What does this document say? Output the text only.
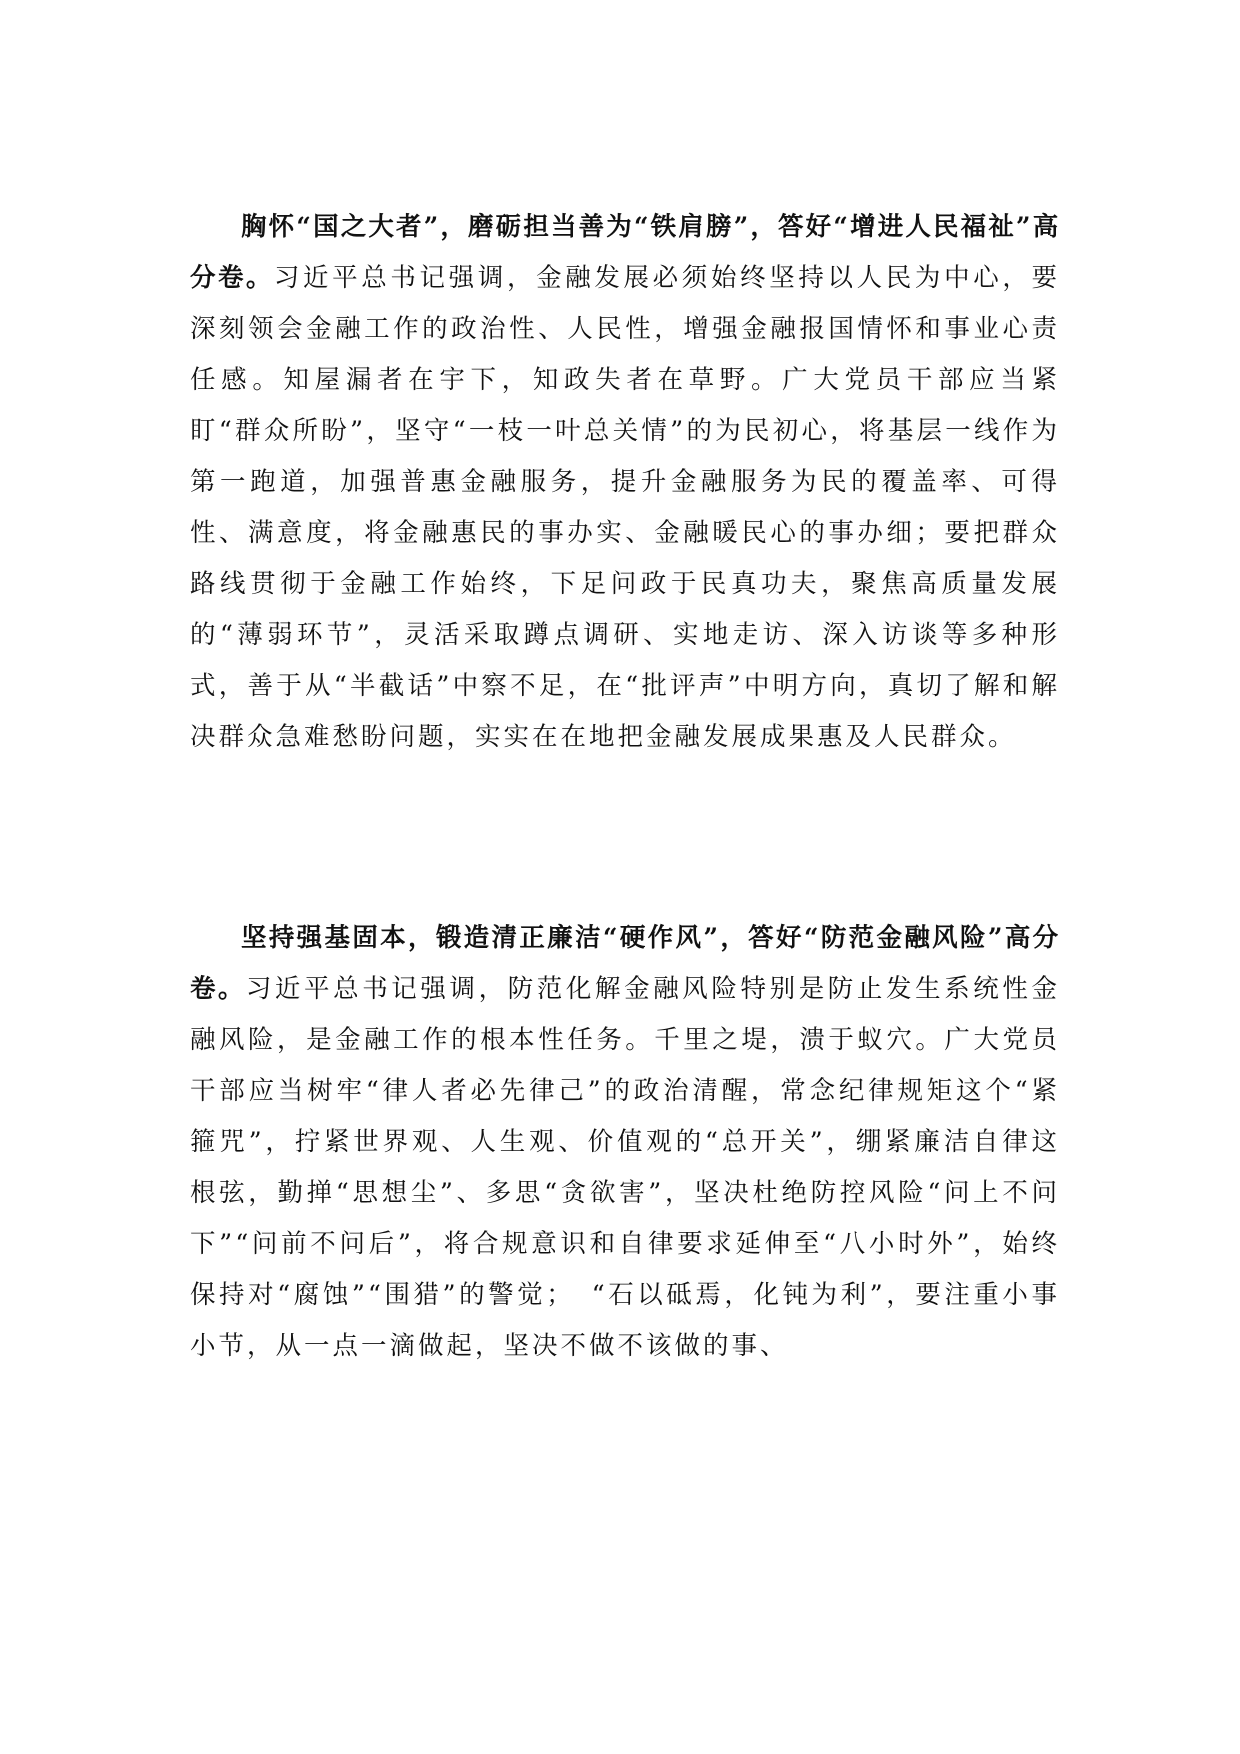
胸怀“国之大者”，磨砺担当善为“铁肩膀”，答好“增进人民福祉”高分卷。习近平总书记强调，金融发展必须始终坚持以人民为中心，要深刻领会金融工作的政治性、人民性，增强金融报国情怀和事业心责任感。知屋漏者在宇下，知政失者在草野。广大党员干部应当紧盯“群众所盼”，坚守“一枝一叶总关情”的为民初心，将基层一线作为第一跑道，加强普惠金融服务，提升金融服务为民的覆盖率、可得性、满意度，将金融惠民的事办实、金融暖民心的事办细；要把群众路线贯彻于金融工作始终，下足问政于民真功夫，聚焦高质量发展的“薄弱环节”，灵活采取蹲点调研、实地走访、深入访谈等多种形式，善于从“半截话”中察不足，在“批评声”中明方向，真切了解和解决群众急难愁盼问题，实实在在地把金融发展成果惠及人民群众。

坚持强基固本，锻造清正廉洁“硬作风”，答好“防范金融风险”高分卷。习近平总书记强调，防范化解金融风险特别是防止发生系统性金融风险，是金融工作的根本性任务。千里之堤，溃于蚁穴。广大党员干部应当树牢“律人者必先律己”的政治清醒，常念纪律规矩这个“紧箍咒”，拧紧世界观、人生观、价值观的“总开关”，绷紧廉洁自律这根弦，勤掸“思想尘”、多思“贪欲害”，坚决杜绝防控风险“问上不问下”“问前不问后”，将合规意识和自律要求延伸至“八小时外”，始终保持对“腐蚀”“围猎”的警觉；　“石以砥焉，化钝为利”，要注重小事小节，从一点一滴做起，坚决不做不该做的事、
